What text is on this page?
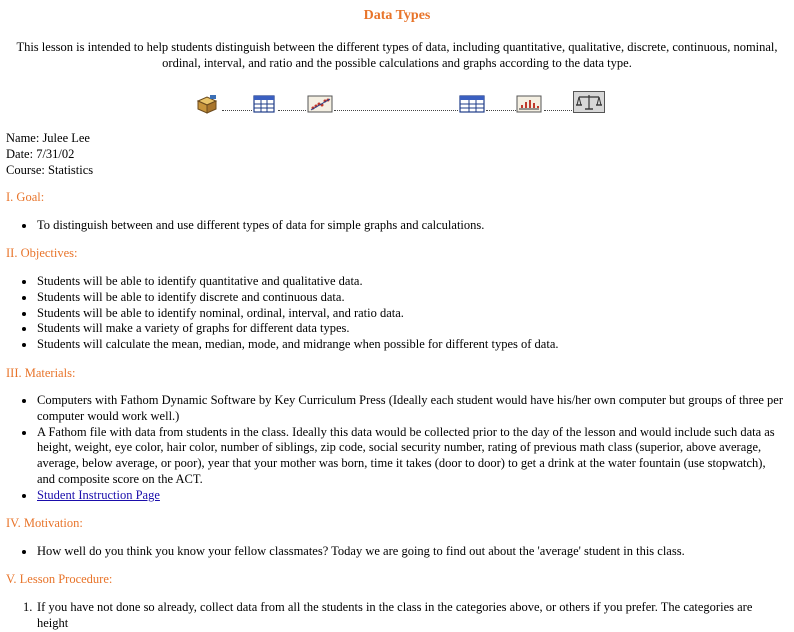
Data Types
This lesson is intended to help students distinguish between the different types of data, including quantitative, qualitative, discrete, continuous, nominal, ordinal, interval, and ratio and the possible calculations and graphs according to the data type.
Name: Julee Lee
Date: 7/31/02
Course: Statistics
I. Goal:
To distinguish between and use different types of data for simple graphs and calculations.
II. Objectives:
Students will be able to identify quantitative and qualitative data.
Students will be able to identify discrete and continuous data.
Students will be able to identify nominal, ordinal, interval, and ratio data.
Students will make a variety of graphs for different data types.
Students will calculate the mean, median, mode, and midrange when possible for different types of data.
III. Materials:
Computers with Fathom Dynamic Software by Key Curriculum Press (Ideally each student would have his/her own computer but groups of three per computer would work well.)
A Fathom file with data from students in the class. Ideally this data would be collected prior to the day of the lesson and would include such data as height, weight, eye color, hair color, number of siblings, zip code, social security number, rating of previous math class (superior, above average, average, below average, or poor), year that your mother was born, time it takes (door to door) to get a drink at the water fountain (use stopwatch), and composite score on the ACT.
Student Instruction Page
IV. Motivation:
How well do you think you know your fellow classmates? Today we are going to find out about the 'average' student in this class.
V. Lesson Procedure:
1. If you have not done so already, collect data from all the students in the class in the categories above, or others if you prefer. The categories are height
